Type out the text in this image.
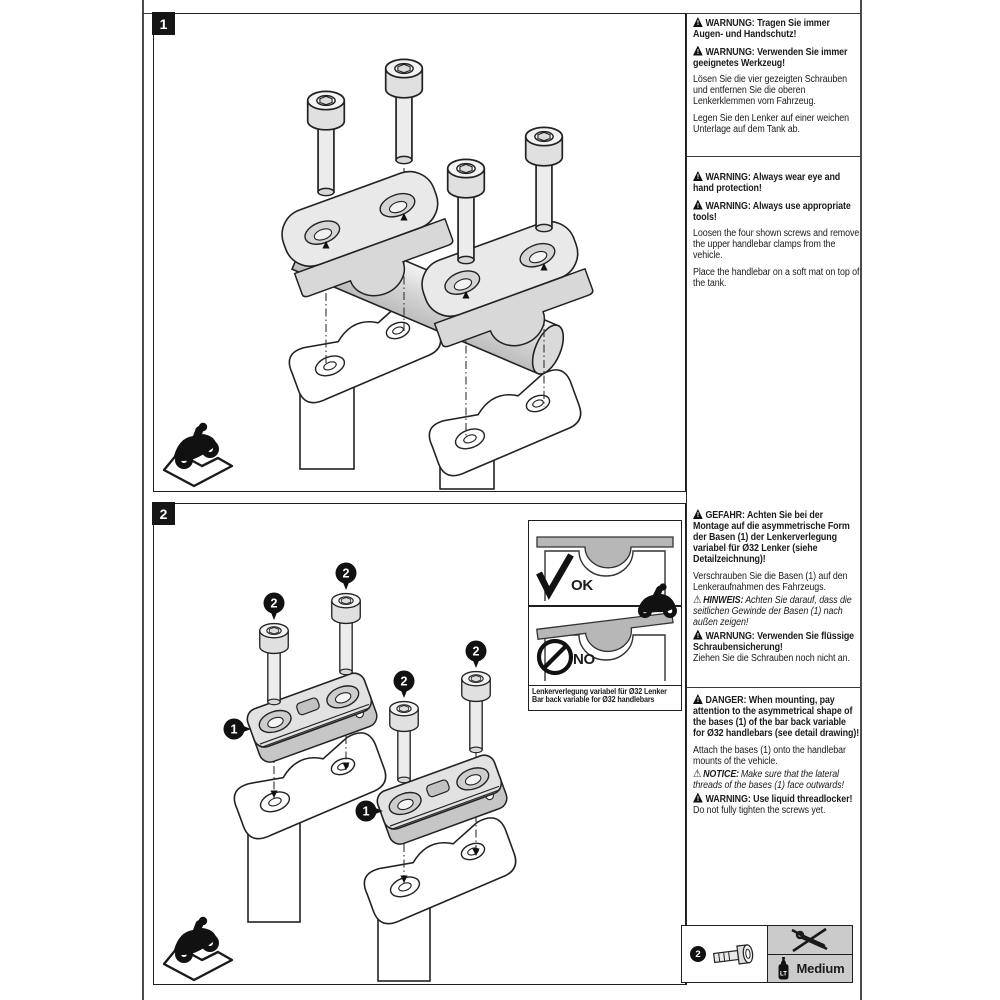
1
2
2
2
2
1
1
2
OK
NO
Lenkerverlegung variabel für Ø32 Lenker
Bar back variable for Ø32 handlebars
2
LT Medium

!WARNUNG: Tragen Sie immer Augen- und Handschutz!

!WARNUNG: Verwenden Sie immer geeignetes Werkzeug!

Lösen Sie die vier gezeigten Schrauben und entfernen Sie die oberen Lenkerklemmen vom Fahrzeug.

Legen Sie den Lenker auf einer weichen Unterlage auf dem Tank ab.

!WARNING: Always wear eye and hand protection!

!WARNING: Always use appropriate tools!

Loosen the four shown screws and remove the upper handlebar clamps from the vehicle.

Place the handlebar on a soft mat on top of the tank.

!GEFAHR: Achten Sie bei der Montage auf die asymmetrische Form der Basen (1) der Lenkerverlegung variabel für Ø32 Lenker (siehe Detailzeichnung)!

Verschrauben Sie die Basen (1) auf den Lenkeraufnahmen des Fahrzeugs.

⚠HINWEIS: Achten Sie darauf, dass die seitlichen Gewinde der Basen (1) nach außen zeigen!

!WARNUNG: Verwenden Sie flüssige Schraubensicherung!

Ziehen Sie die Schrauben noch nicht an.

!DANGER: When mounting, pay attention to the asymmetrical shape of the bases (1) of the bar back variable for Ø32 handlebars (see detail drawing)!

Attach the bases (1) onto the handlebar mounts of the vehicle.

⚠NOTICE: Make sure that the lateral threads of the bases (1) face outwards!

!WARNING: Use liquid threadlocker!

Do not fully tighten the screws yet.
